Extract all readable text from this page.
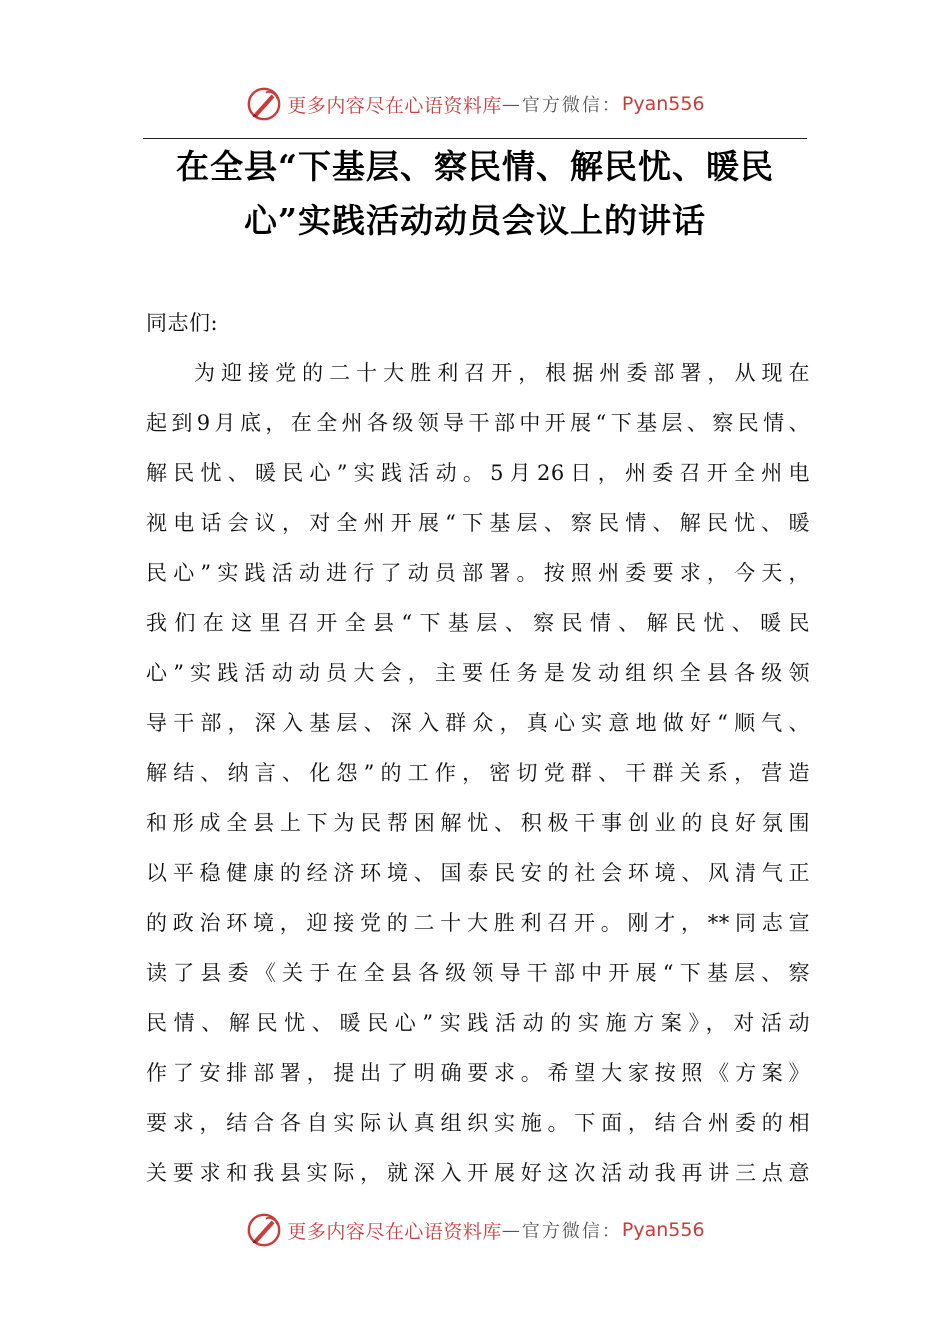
更多内容尽在心语资料库 — 官方微信： Pyan556
在全县“下基层、察民情、解民忧、暖民
心”实践活动动员会议上的讲话
同志们:
为迎接党的二十大胜利召开，根据州委部署，从现在
起到9月底，在全州各级领导干部中开展“下基层、察民情、
解民忧、暖民心”实践活动。5月26日，州委召开全州电
视电话会议，对全州开展“下基层、察民情、解民忧、暖
民心”实践活动进行了动员部署。按照州委要求，今天，
我们在这里召开全县“下基层、察民情、解民忧、暖民
心”实践活动动员大会，主要任务是发动组织全县各级领
导干部，深入基层、深入群众，真心实意地做好“顺气、
解结、纳言、化怨”的工作，密切党群、干群关系，营造
和形成全县上下为民帮困解忧、积极干事创业的良好氛围
以平稳健康的经济环境、国泰民安的社会环境、风清气正
的政治环境，迎接党的二十大胜利召开。刚才，**同志宣
读了县委《关于在全县各级领导干部中开展“下基层、察
民情、解民忧、暖民心”实践活动的实施方案》，对活动
作了安排部署，提出了明确要求。希望大家按照《方案》
要求，结合各自实际认真组织实施。下面，结合州委的相
关要求和我县实际，就深入开展好这次活动我再讲三点意
更多内容尽在心语资料库 — 官方微信： Pyan556
